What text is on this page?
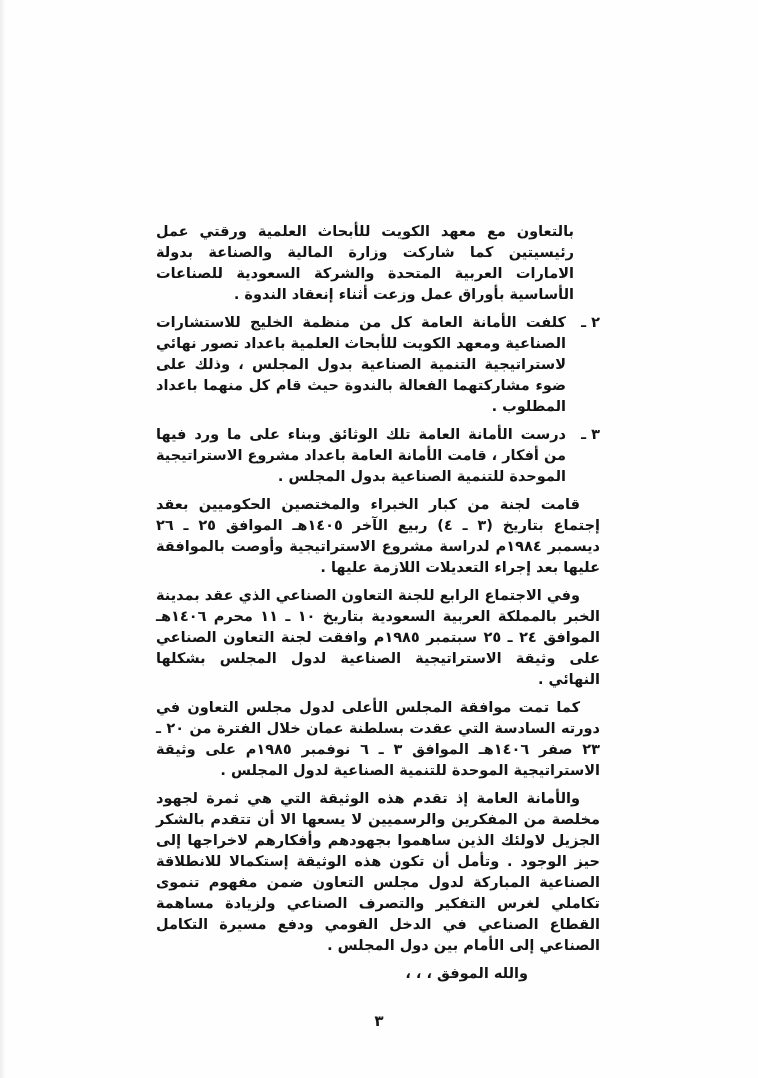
بالتعاون مع معهد الكويت للأبحاث العلمية ورقتي عمل رئيسيتين كما شاركت وزارة المالية والصناعة بدولة الامارات العربية المتحدة والشركة السعودية للصناعات الأساسية بأوراق عمل وزعت أثناء إنعقاد الندوة .

٢ ـ
كلفت الأمانة العامة كل من منظمة الخليج للاستشارات الصناعية ومعهد الكويت للأبحاث العلمية باعداد تصور نهائي لاستراتيجية التنمية الصناعية بدول المجلس ، وذلك على ضوء مشاركتهما الفعالة بالندوة حيث قام كل منهما باعداد المطلوب .
٣ ـ
درست الأمانة العامة تلك الوثائق وبناء على ما ورد فيها من أفكار ، قامت الأمانة العامة باعداد مشروع الاستراتيجية الموحدة للتنمية الصناعية بدول المجلس .

قامت لجنة من كبار الخبراء والمختصين الحكوميين بعقد إجتماع بتاريخ (٣ ـ ٤) ربيع الآخر ١٤٠٥هـ الموافق ٢٥ ـ ٢٦ ديسمبر ١٩٨٤م لدراسة مشروع الاستراتيجية وأوصت بالموافقة عليها بعد إجراء التعديلات اللازمة عليها .

وفي الاجتماع الرابع للجنة التعاون الصناعي الذي عقد بمدينة الخبر بالمملكة العربية السعودية بتاريخ ١٠ ـ ١١ محرم ١٤٠٦هـ الموافق ٢٤ ـ ٢٥ سبتمبر ١٩٨٥م وافقت لجنة التعاون الصناعي على وثيقة الاستراتيجية الصناعية لدول المجلس بشكلها النهائي .

كما تمت موافقة المجلس الأعلى لدول مجلس التعاون في دورته السادسة التي عقدت بسلطنة عمان خلال الفترة من ٢٠ ـ ٢٣ صفر ١٤٠٦هـ الموافق ٣ ـ ٦ نوفمبر ١٩٨٥م على وثيقة الاستراتيجية الموحدة للتنمية الصناعية لدول المجلس .

والأمانة العامة إذ تقدم هذه الوثيقة التي هي ثمرة لجهود مخلصة من المفكرين والرسميين لا يسعها الا أن تتقدم بالشكر الجزيل لاولئك الذين ساهموا بجهودهم وأفكارهم لاخراجها إلى حيز الوجود . وتأمل أن تكون هذه الوثيقة إستكمالا للانطلاقة الصناعية المباركة لدول مجلس التعاون ضمن مفهوم تنموى تكاملي لغرس التفكير والتصرف الصناعي ولزيادة مساهمة القطاع الصناعي في الدخل القومي ودفع مسيرة التكامل الصناعي إلى الأمام بين دول المجلس .

والله الموفق ، ، ،

٣
